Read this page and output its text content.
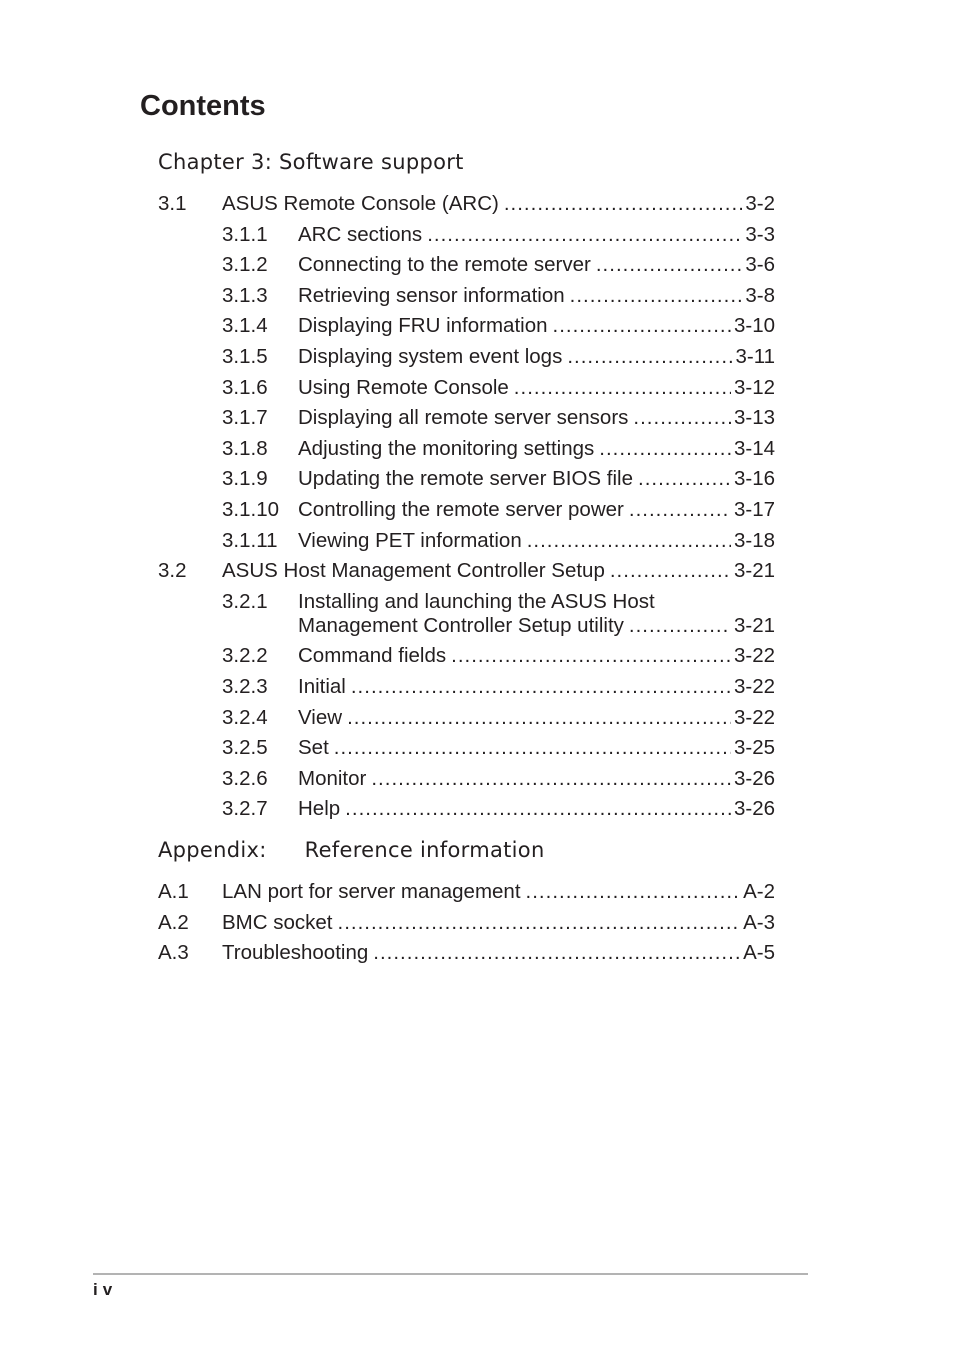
Contents
Chapter 3: Software support
3.1 ASUS Remote Console (ARC) .....	3-2
3.1.1 ARC sections .....	3-3
3.1.2 Connecting to the remote server .....	3-6
3.1.3 Retrieving sensor information .....	3-8
3.1.4 Displaying FRU information .....	3-10
3.1.5 Displaying system event logs .....	3-11
3.1.6 Using Remote Console .....	3-12
3.1.7 Displaying all remote server sensors .....	3-13
3.1.8 Adjusting the monitoring settings .....	3-14
3.1.9 Updating the remote server BIOS file .....	3-16
3.1.10 Controlling the remote server power .....	3-17
3.1.11 Viewing PET information .....	3-18
3.2 ASUS Host Management Controller Setup .....	3-21
3.2.1 Installing and launching the ASUS Host
Management Controller Setup utility .....	3-21
3.2.2 Command fields .....	3-22
3.2.3 Initial .....	3-22
3.2.4 View .....	3-22
3.2.5 Set .....	3-25
3.2.6 Monitor .....	3-26
3.2.7 Help .....	3-26
Appendix: Reference information
A.1 LAN port for server management .....	A-2
A.2 BMC socket .....	A-3
A.3 Troubleshooting .....	A-5
iv
